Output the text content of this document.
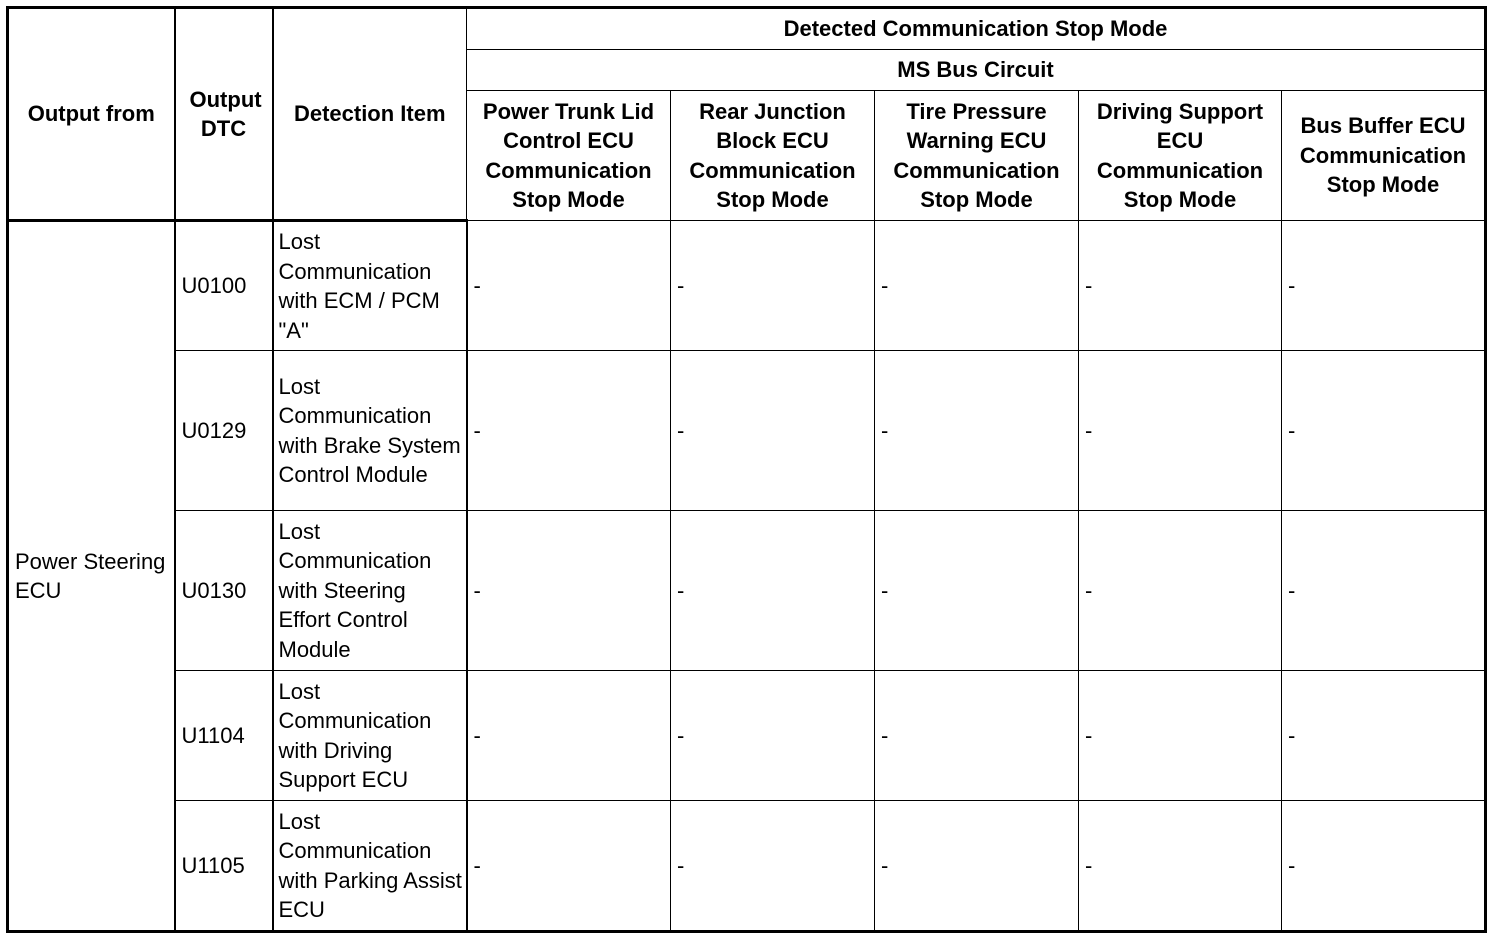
Output from	Output DTC	Detection Item	Detected Communication Stop Mode				
			MS Bus Circuit				
			Power Trunk Lid Control ECU Communication Stop Mode	Rear Junction Block ECU Communication Stop Mode	Tire Pressure Warning ECU Communication Stop Mode	Driving Support ECU Communication Stop Mode	Bus Buffer ECU Communication Stop Mode
Power Steering ECU	U0100	Lost Communication with ECM / PCM "A"	-	-	-	-	-
	U0129	Lost Communication with Brake System Control Module	-	-	-	-	-
	U0130	Lost Communication with Steering Effort Control Module	-	-	-	-	-
	U1104	Lost Communication with Driving Support ECU	-	-	-	-	-
	U1105	Lost Communication with Parking Assist ECU	-	-	-	-	-
